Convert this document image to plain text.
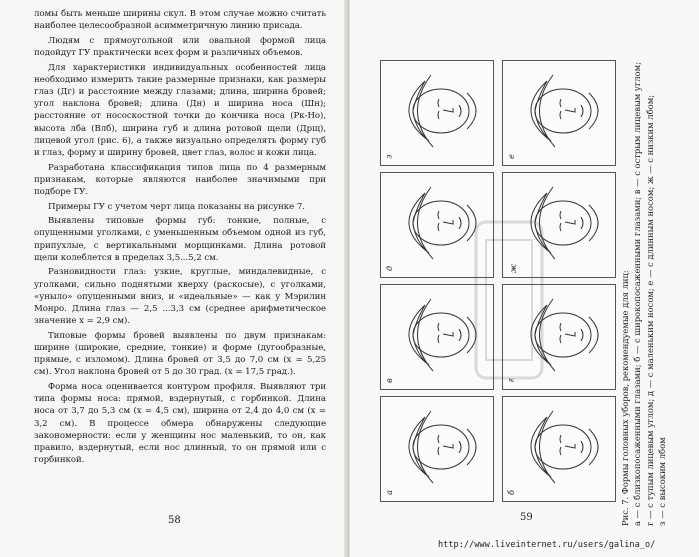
ломы быть меньше ширины скул. В этом случае можно считать наиболее целесообразной асимметричную линию присада.

Людям с прямоугольной или овальной формой лица подойдут ГУ практически всех форм и различных объемов.

Для характеристики индивидуальных особенностей лица необходимо измерить такие размерные признаки, как размеры глаз (Дг) и расстояние между глазами; длина, ширина бровей; угол наклона бровей; длина (Дн) и ширина носа (Шн); расстояние от нососкостной точки до кончика носа (Рк-Но), высота лба (Влб), ширина губ и длина ротовой щели (Дрщ), лицевой угол (рис. 6), а также визуально определять форму губ и глаз, форму и ширину бровей, цвет глаз, волос и кожи лица.

Разработана классификация типов лица по 4 размерным признакам, которые являются наиболее значимыми при подборе ГУ.

Примеры ГУ с учетом черт лица показаны на рисунке 7.

Выявлены типовые формы губ: тонкие, полные, с опущенными уголками, с уменьшенным объемом одной из губ, припухлые, с вертикальными морщинками. Длина ротовой щели колеблется в пределах 3,5...5,2 см.

Разновидности глаз: узкие, круглые, миндалевидные, с уголками, сильно поднятыми кверху (раскосые), с уголками, «унылo» опущенными вниз, и «идеальные» — как у Мэрилин Монро. Длина глаз — 2,5 ...3,3 см (среднее арифметическое значение x = 2,9 см).

Типовые формы бровей выявлены по двум признакам: ширине (широкие, средние, тонкие) и форме (дугообразные, прямые, с изломом). Длина бровей от 3,5 до 7,0 см (x = 5,25 см). Угол наклона бровей от 5 до 30 град. (x = 17,5 град.).

Форма носа оценивается контуром профиля. Выявляют три типа формы носа: прямой, вздернутый, с горбинкой. Длина носа от 3,7 до 5,3 см (x = 4,5 см), ширина от 2,4 до 4,0 см (x = 3,2 см). В процессе обмера обнаружены следующие закономерности: если у женщины нос маленький, то он, как правило, вздернутый, если нос длинный, то он прямой или с горбинкой.

58
з	е
д	ж
в	г
а	б	Рис. 7. Формы головных уборов, рекомендуемые для лиц: а — с близкопосаженными глазами; б — с широкопосаженными глазами; в — с острым лицевым углом; г — с тупым лицевым углом; д — с маленьким носом; е — с длинным носом; ж — с низким лбом; з — с высоким лбом

59
http://www.liveinternet.ru/users/galina_o/
